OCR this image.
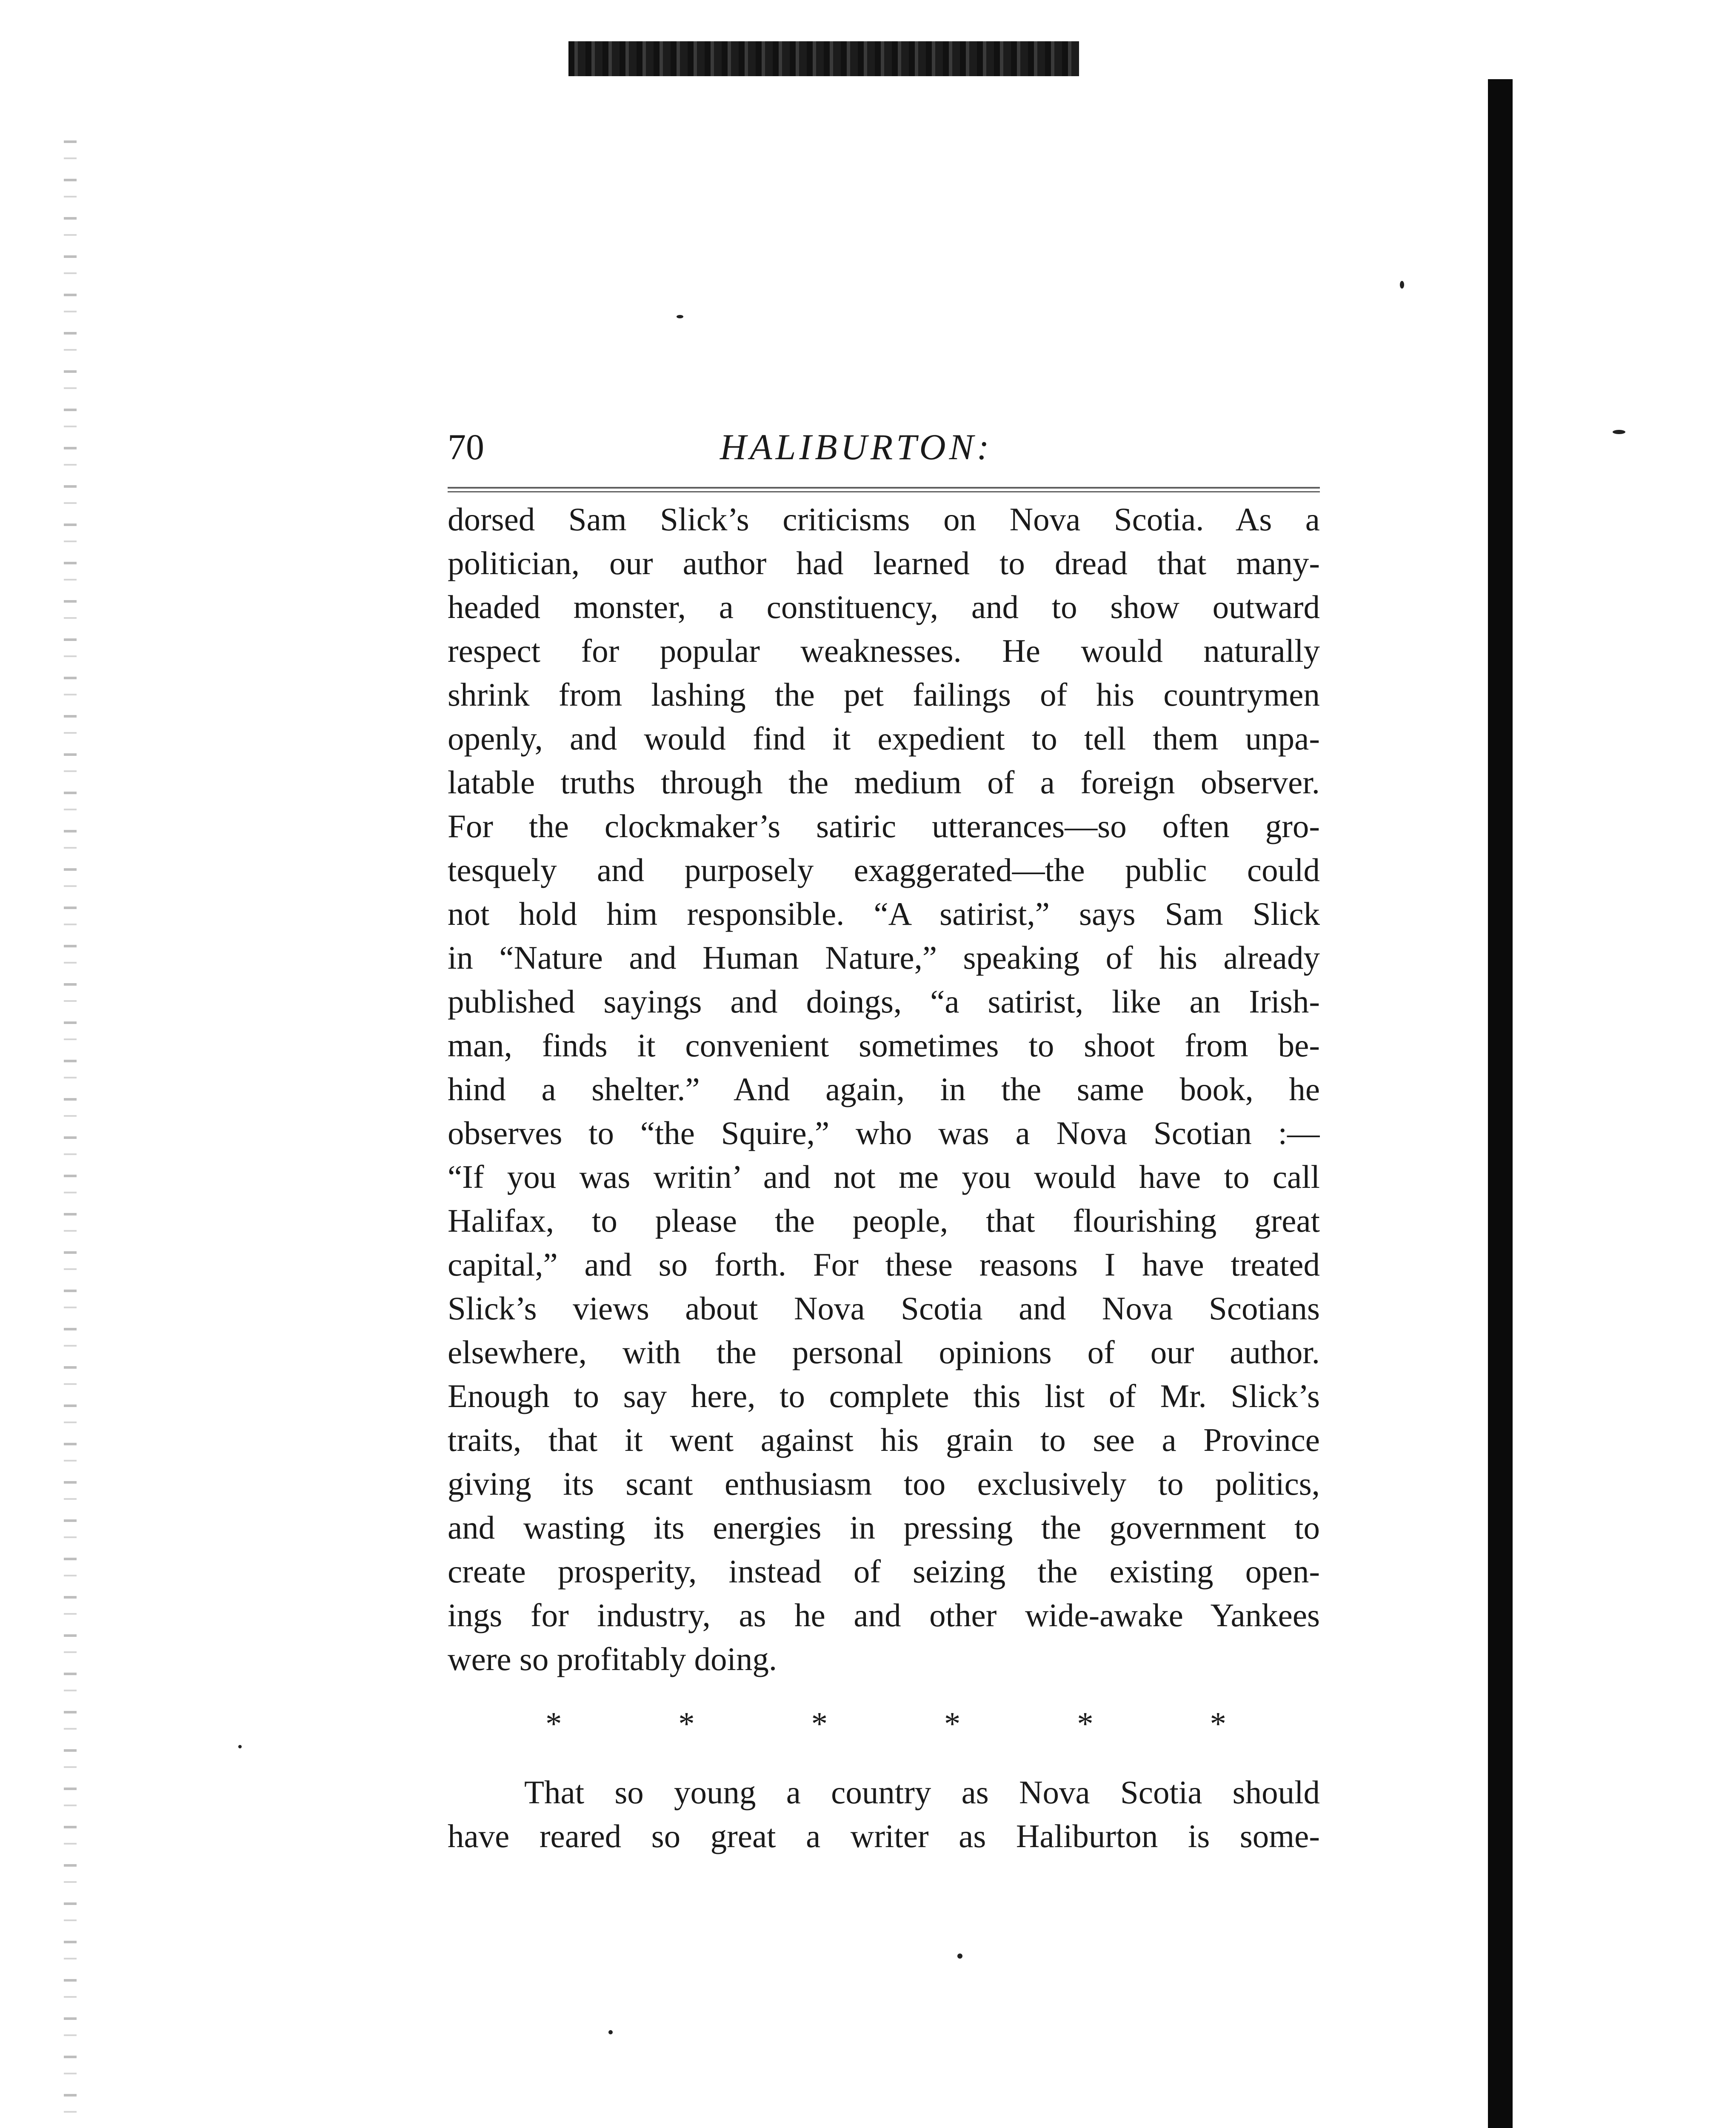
70	HALIBURTON:
dorsed Sam Slick’s criticisms on Nova Scotia. As a
politician, our author had learned to dread that many-
headed monster, a constituency, and to show outward
respect for popular weaknesses. He would naturally
shrink from lashing the pet failings of his countrymen
openly, and would find it expedient to tell them unpa-
latable truths through the medium of a foreign observer.
For the clockmaker’s satiric utterances—so often gro-
tesquely and purposely exaggerated—the public could
not hold him responsible. “A satirist,” says Sam Slick
in “Nature and Human Nature,” speaking of his already
published sayings and doings, “a satirist, like an Irish-
man, finds it convenient sometimes to shoot from be-
hind a shelter.” And again, in the same book, he
observes to “the Squire,” who was a Nova Scotian :—
“If you was writin’ and not me you would have to call
Halifax, to please the people, that flourishing great
capital,” and so forth. For these reasons I have treated
Slick’s views about Nova Scotia and Nova Scotians
elsewhere, with the personal opinions of our author.
Enough to say here, to complete this list of Mr. Slick’s
traits, that it went against his grain to see a Province
giving its scant enthusiasm too exclusively to politics,
and wasting its energies in pressing the government to
create prosperity, instead of seizing the existing open-
ings for industry, as he and other wide-awake Yankees
were so profitably doing.
*	*	*	*	*	*
That so young a country as Nova Scotia should
have reared so great a writer as Haliburton is some-
